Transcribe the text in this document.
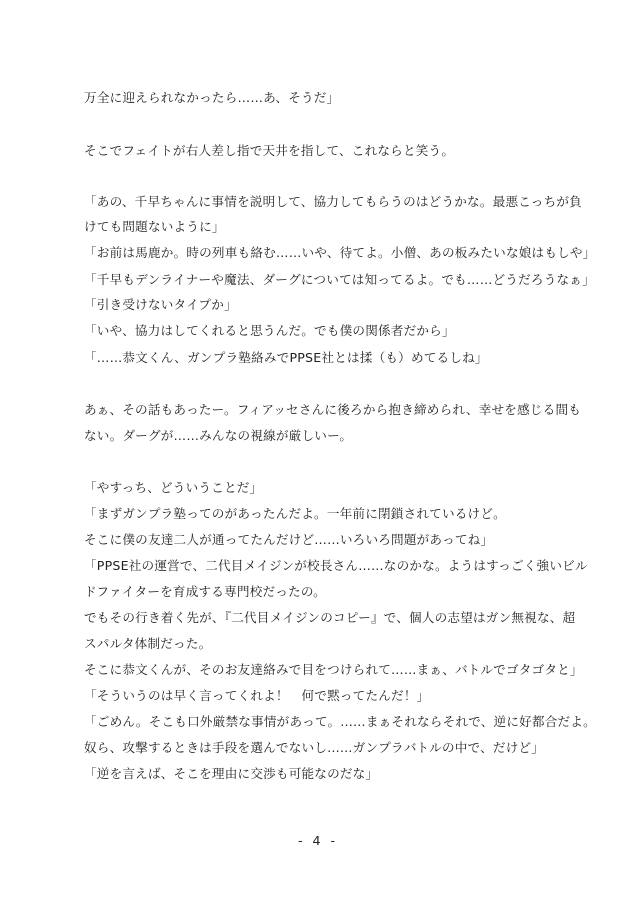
万全に迎えられなかったら……あ、そうだ」
そこでフェイトが右人差し指で天井を指して、これならと笑う。
「あの、千早ちゃんに事情を説明して、協力してもらうのはどうかな。最悪こっちが負
けても問題ないように」
「お前は馬鹿か。時の列車も絡む……いや、待てよ。小僧、あの板みたいな娘はもしや」
「千早もデンライナーや魔法、ダーグについては知ってるよ。でも……どうだろうなぁ」
「引き受けないタイプか」
「いや、協力はしてくれると思うんだ。でも僕の関係者だから」
「……恭文くん、ガンプラ塾絡みでPPSE社とは揉（も）めてるしね」
あぁ、その話もあったー。フィアッセさんに後ろから抱き締められ、幸せを感じる間も
ない。ダーグが……みんなの視線が厳しいー。
「やすっち、どういうことだ」
「まずガンプラ塾ってのがあったんだよ。一年前に閉鎖されているけど。
そこに僕の友達二人が通ってたんだけど……いろいろ問題があってね」
「PPSE社の運営で、二代目メイジンが校長さん……なのかな。ようはすっごく強いビル
ドファイターを育成する専門校だったの。
でもその行き着く先が、『二代目メイジンのコピー』で、個人の志望はガン無視な、超
スパルタ体制だった。
そこに恭文くんが、そのお友達絡みで目をつけられて……まぁ、バトルでゴタゴタと」
「そういうのは早く言ってくれよ！　何で黙ってたんだ！」
「ごめん。そこも口外厳禁な事情があって。……まぁそれならそれで、逆に好都合だよ。
奴ら、攻撃するときは手段を選んでないし……ガンプラバトルの中で、だけど」
「逆を言えば、そこを理由に交渉も可能なのだな」
- 4 -
